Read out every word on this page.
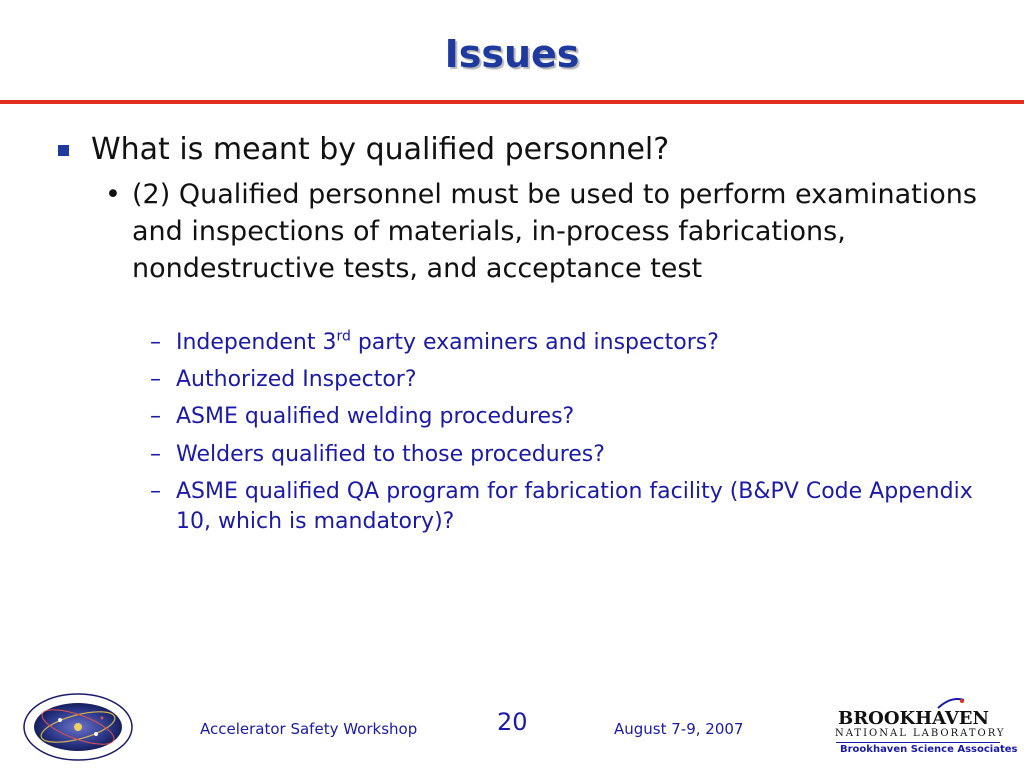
Issues
What is meant by qualified personnel?
• (2) Qualified personnel must be used to perform examinations and inspections of materials, in-process fabrications, nondestructive tests, and acceptance test
– Independent 3rd party examiners and inspectors?
– Authorized Inspector?
– ASME qualified welding procedures?
– Welders qualified to those procedures?
– ASME qualified QA program for fabrication facility (B&PV Code Appendix 10, which is mandatory)?
Accelerator Safety Workshop	20	August 7-9, 2007	BROOKHAVEN
NATIONAL LABORATORY
Brookhaven Science Associates
